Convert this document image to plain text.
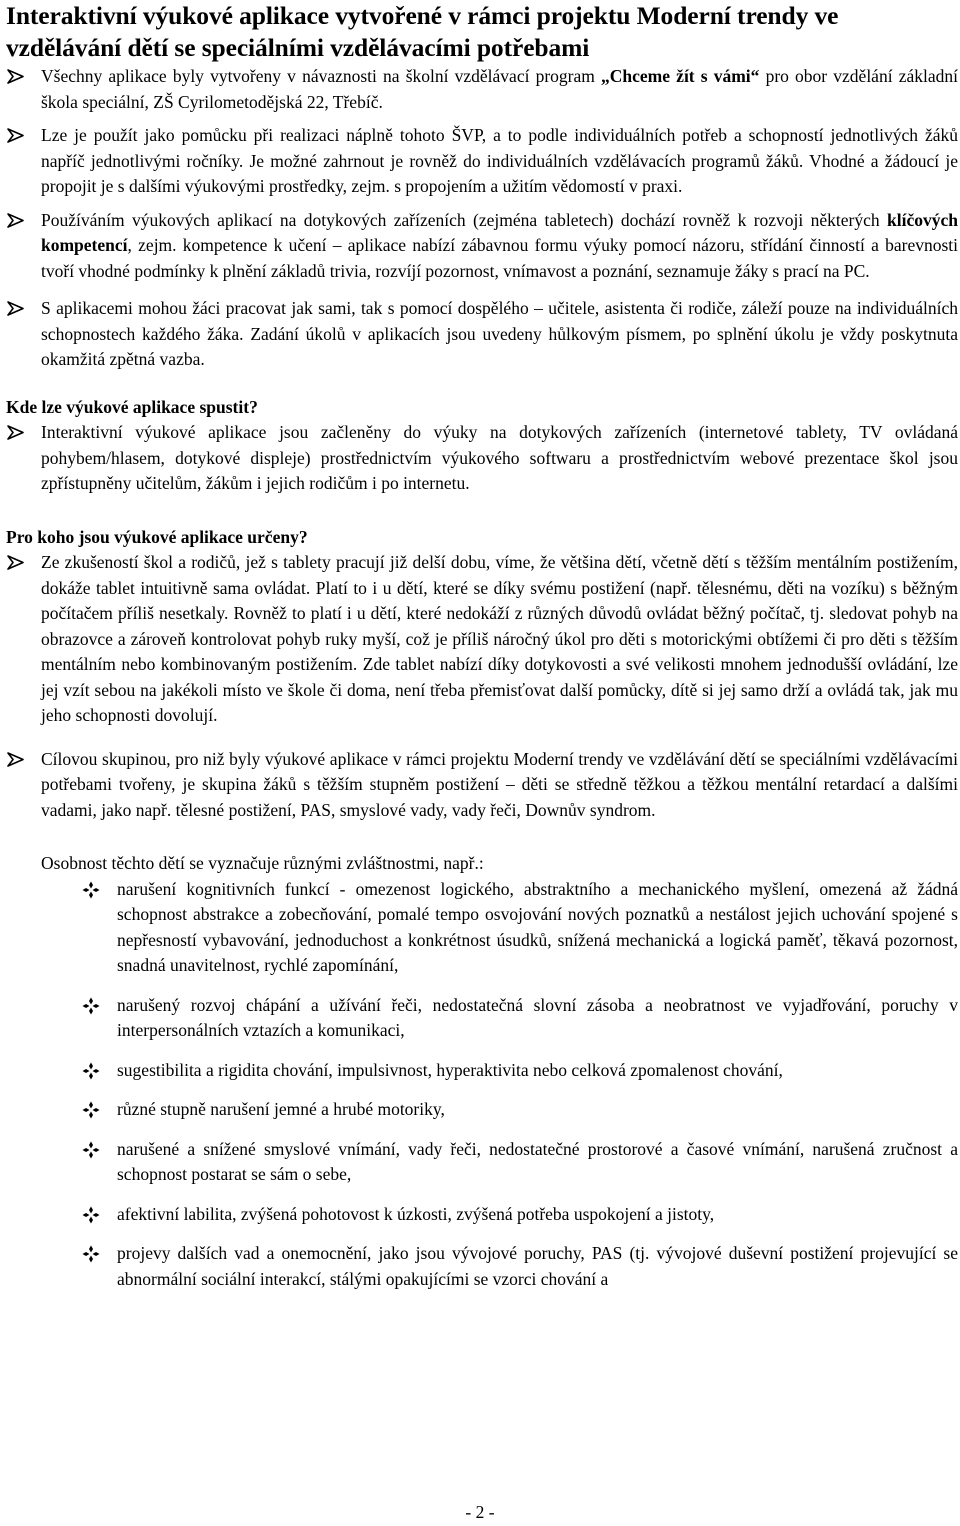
Interaktivní výukové aplikace vytvořené v rámci projektu Moderní trendy ve vzdělávání dětí se speciálními vzdělávacími potřebami
Všechny aplikace byly vytvořeny v návaznosti na školní vzdělávací program „Chceme žít s vámi“ pro obor vzdělání základní škola speciální, ZŠ Cyrilometodějská 22, Třebíč.
Lze je použít jako pomůcku při realizaci náplně tohoto ŠVP, a to podle individuálních potřeb a schopností jednotlivých žáků napříč jednotlivými ročníky. Je možné zahrnout je rovněž do individuálních vzdělávacích programů žáků. Vhodné a žádoucí je propojit je s dalšími výukovými prostředky, zejm. s propojením a užitím vědomostí v praxi.
Používáním výukových aplikací na dotykových zařízeních (zejména tabletech) dochází rovněž k rozvoji některých klíčových kompetencí, zejm. kompetence k učení – aplikace nabízí zábavnou formu výuky pomocí názoru, střídání činností a barevnosti tvoří vhodné podmínky k plnění základů trivia, rozvíjí pozornost, vnímavost a poznání, seznamuje žáky s prací na PC.
S aplikacemi mohou žáci pracovat jak sami, tak s pomocí dospělého – učitele, asistenta či rodiče, záleží pouze na individuálních schopnostech každého žáka. Zadání úkolů v aplikacích jsou uvedeny hůlkovým písmem, po splnění úkolu je vždy poskytnuta okamžitá zpětná vazba.
Kde lze výukové aplikace spustit?
Interaktivní výukové aplikace jsou začleněny do výuky na dotykových zařízeních (internetové tablety, TV ovládaná pohybem/hlasem, dotykové displeje) prostřednictvím výukového softwaru a prostřednictvím webové prezentace škol jsou zpřístupněny učitelům, žákům i jejich rodičům i po internetu.
Pro koho jsou výukové aplikace určeny?
Ze zkušeností škol a rodičů, jež s tablety pracují již delší dobu, víme, že většina dětí, včetně dětí s těžším mentálním postižením, dokáže tablet intuitivně sama ovládat. Platí to i u dětí, které se díky svému postižení (např. tělesnému, děti na vozíku) s běžným počítačem příliš nesetkaly. Rovněž to platí i u dětí, které nedokáží z různých důvodů ovládat běžný počítač, tj. sledovat pohyb na obrazovce a zároveň kontrolovat pohyb ruky myší, což je příliš náročný úkol pro děti s motorickými obtížemi či pro děti s těžším mentálním nebo kombinovaným postižením. Zde tablet nabízí díky dotykovosti a své velikosti mnohem jednodušší ovládání, lze jej vzít sebou na jakékoli místo ve škole či doma, není třeba přemisťovat další pomůcky, dítě si jej samo drží a ovládá tak, jak mu jeho schopnosti dovolují.
Cílovou skupinou, pro niž byly výukové aplikace v rámci projektu Moderní trendy ve vzdělávání dětí se speciálními vzdělávacími potřebami tvořeny, je skupina žáků s těžším stupněm postižení – děti se středně těžkou a těžkou mentální retardací a dalšími vadami, jako např. tělesné postižení, PAS, smyslové vady, vady řeči, Downův syndrom.

Osobnost těchto dětí se vyznačuje různými zvláštnostmi, např.:

narušení kognitivních funkcí - omezenost logického, abstraktního a mechanického myšlení, omezená až žádná schopnost abstrakce a zobecňování, pomalé tempo osvojování nových poznatků a nestálost jejich uchování spojené s nepřesností vybavování, jednoduchost a konkrétnost úsudků, snížená mechanická a logická paměť, těkavá pozornost, snadná unavitelnost, rychlé zapomínání,
narušený rozvoj chápání a užívání řeči, nedostatečná slovní zásoba a neobratnost ve vyjadřování, poruchy v interpersonálních vztazích a komunikaci,
sugestibilita a rigidita chování, impulsivnost, hyperaktivita nebo celková zpomalenost chování,
různé stupně narušení jemné a hrubé motoriky,
narušené a snížené smyslové vnímání, vady řeči, nedostatečné prostorové a časové vnímání, narušená zručnost a schopnost postarat se sám o sebe,
afektivní labilita, zvýšená pohotovost k úzkosti, zvýšená potřeba uspokojení a jistoty,
projevy dalších vad a onemocnění, jako jsou vývojové poruchy, PAS (tj. vývojové duševní postižení projevující se abnormální sociální interakcí, stálými opakujícími se vzorci chování a
- 2 -
